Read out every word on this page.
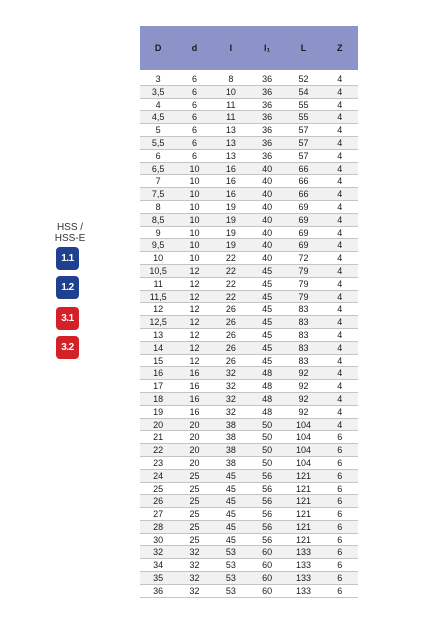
HSS /
HSS-E
1.1
1.2
3.1
3.2
D	d	l	l₁	L	Z
3	6	8	36	52	4
3,5	6	10	36	54	4
4	6	11	36	55	4
4,5	6	11	36	55	4
5	6	13	36	57	4
5,5	6	13	36	57	4
6	6	13	36	57	4
6,5	10	16	40	66	4
7	10	16	40	66	4
7,5	10	16	40	66	4
8	10	19	40	69	4
8,5	10	19	40	69	4
9	10	19	40	69	4
9,5	10	19	40	69	4
10	10	22	40	72	4
10,5	12	22	45	79	4
11	12	22	45	79	4
11,5	12	22	45	79	4
12	12	26	45	83	4
12,5	12	26	45	83	4
13	12	26	45	83	4
14	12	26	45	83	4
15	12	26	45	83	4
16	16	32	48	92	4
17	16	32	48	92	4
18	16	32	48	92	4
19	16	32	48	92	4
20	20	38	50	104	4
21	20	38	50	104	6
22	20	38	50	104	6
23	20	38	50	104	6
24	25	45	56	121	6
25	25	45	56	121	6
26	25	45	56	121	6
27	25	45	56	121	6
28	25	45	56	121	6
30	25	45	56	121	6
32	32	53	60	133	6
34	32	53	60	133	6
35	32	53	60	133	6
36	32	53	60	133	6
